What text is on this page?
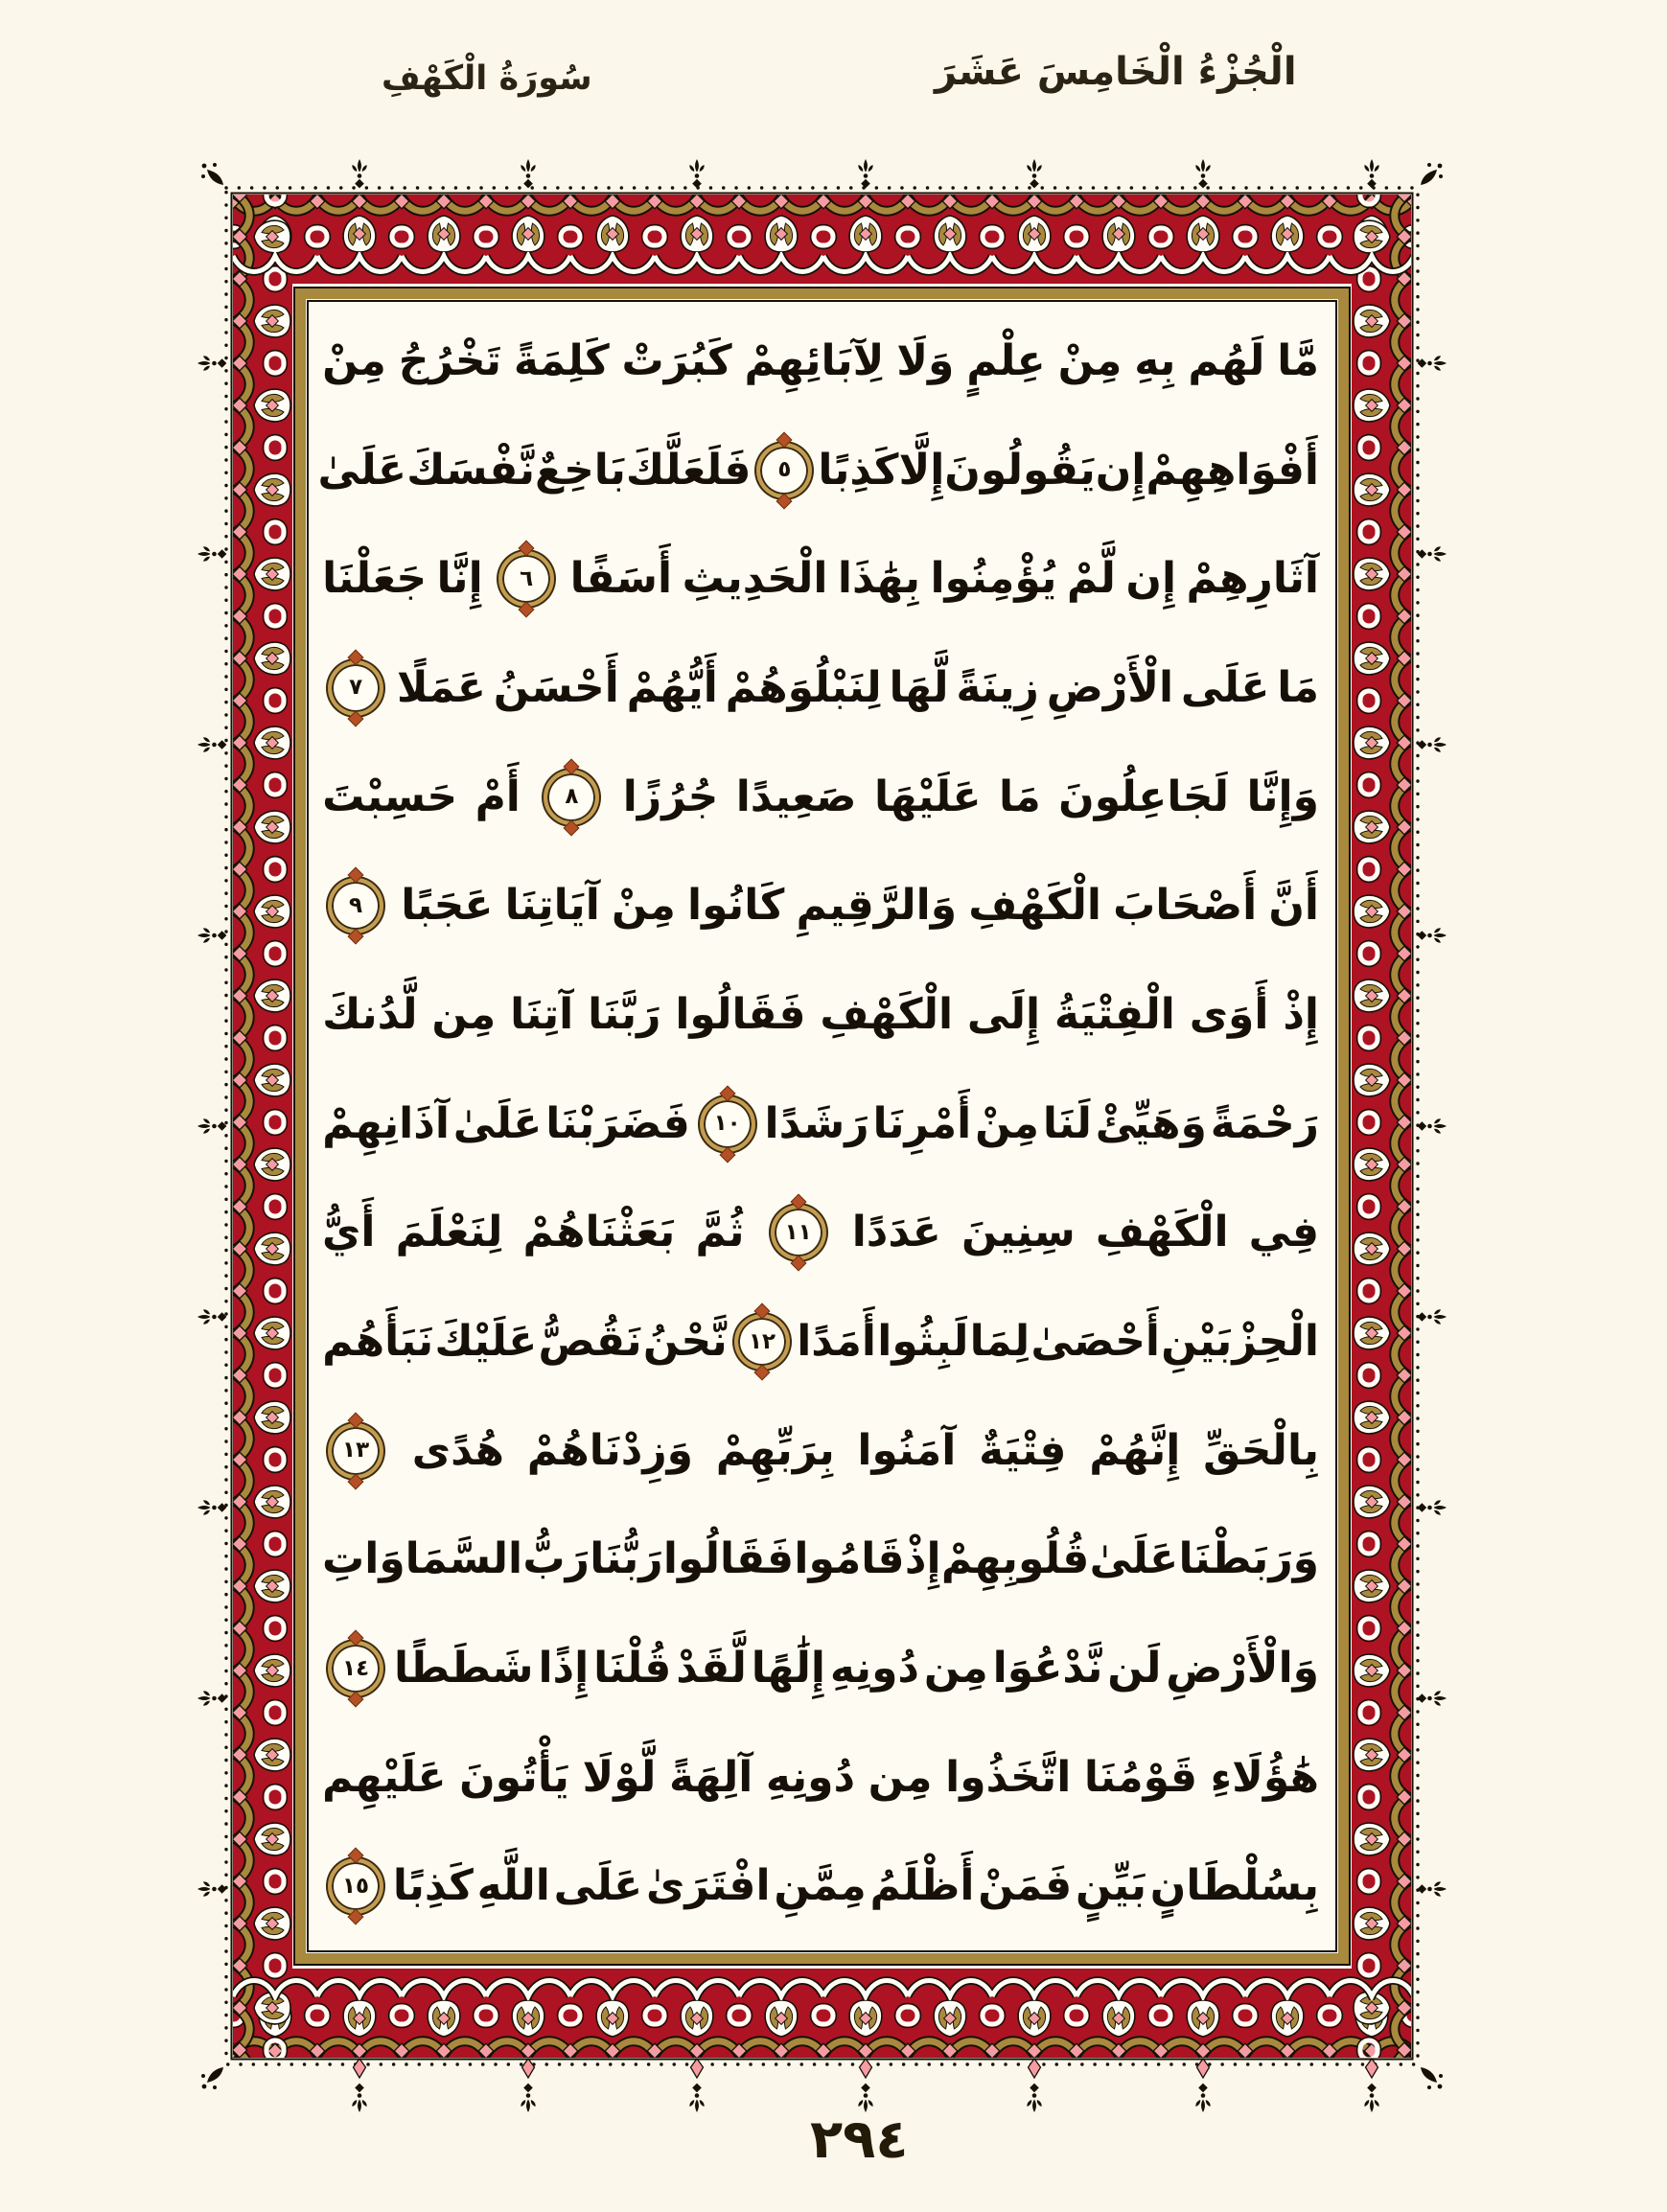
الْجُزْءُ الْخَامِسَ عَشَرَ
سُورَةُ الْكَهْفِ
مَّا
لَهُم
بِهِ
مِنْ
عِلْمٍ
وَلَا
لِآبَائِهِمْ
كَبُرَتْ
كَلِمَةً
تَخْرُجُ
مِنْ
أَفْوَاهِهِمْ
إِن
يَقُولُونَ
إِلَّا
كَذِبًا
٥
فَلَعَلَّكَ
بَاخِعٌ
نَّفْسَكَ
عَلَىٰ
آثَارِهِمْ
إِن
لَّمْ
يُؤْمِنُوا
بِهَٰذَا
الْحَدِيثِ
أَسَفًا
٦
إِنَّا
جَعَلْنَا
مَا
عَلَى
الْأَرْضِ
زِينَةً
لَّهَا
لِنَبْلُوَهُمْ
أَيُّهُمْ
أَحْسَنُ
عَمَلًا
٧
وَإِنَّا
لَجَاعِلُونَ
مَا
عَلَيْهَا
صَعِيدًا
جُرُزًا
٨
أَمْ
حَسِبْتَ
أَنَّ
أَصْحَابَ
الْكَهْفِ
وَالرَّقِيمِ
كَانُوا
مِنْ
آيَاتِنَا
عَجَبًا
٩
إِذْ
أَوَى
الْفِتْيَةُ
إِلَى
الْكَهْفِ
فَقَالُوا
رَبَّنَا
آتِنَا
مِن
لَّدُنكَ
رَحْمَةً
وَهَيِّئْ
لَنَا
مِنْ
أَمْرِنَا
رَشَدًا
١٠
فَضَرَبْنَا
عَلَىٰ
آذَانِهِمْ
فِي
الْكَهْفِ
سِنِينَ
عَدَدًا
١١
ثُمَّ
بَعَثْنَاهُمْ
لِنَعْلَمَ
أَيُّ
الْحِزْبَيْنِ
أَحْصَىٰ
لِمَا
لَبِثُوا
أَمَدًا
١٢
نَّحْنُ
نَقُصُّ
عَلَيْكَ
نَبَأَهُم
بِالْحَقِّ
إِنَّهُمْ
فِتْيَةٌ
آمَنُوا
بِرَبِّهِمْ
وَزِدْنَاهُمْ
هُدًى
١٣
وَرَبَطْنَا
عَلَىٰ
قُلُوبِهِمْ
إِذْ
قَامُوا
فَقَالُوا
رَبُّنَا
رَبُّ
السَّمَاوَاتِ
وَالْأَرْضِ
لَن
نَّدْعُوَا
مِن
دُونِهِ
إِلَٰهًا
لَّقَدْ
قُلْنَا
إِذًا
شَطَطًا
١٤
هَٰؤُلَاءِ
قَوْمُنَا
اتَّخَذُوا
مِن
دُونِهِ
آلِهَةً
لَّوْلَا
يَأْتُونَ
عَلَيْهِم
بِسُلْطَانٍ
بَيِّنٍ
فَمَنْ
أَظْلَمُ
مِمَّنِ
افْتَرَىٰ
عَلَى
اللَّهِ
كَذِبًا
١٥
٢٩٤
